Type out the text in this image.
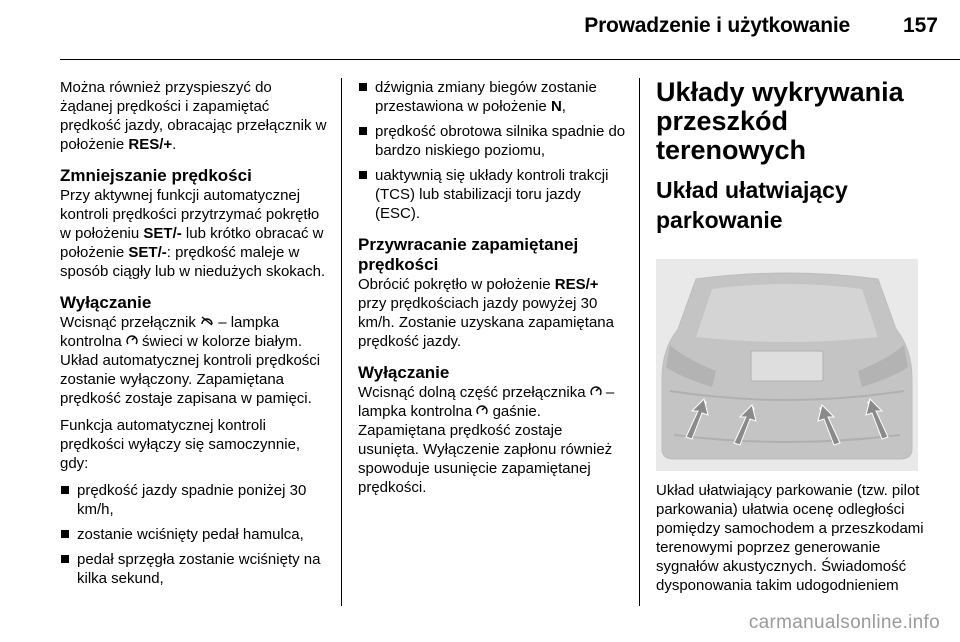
Prowadzenie i użytkowanie	157

Można również przyspieszyć do żądanej prędkości i zapamiętać prędkość jazdy, obracając przełącznik w położenie RES/+.

Zmniejszanie prędkości

Przy aktywnej funkcji automatycznej kontroli prędkości przytrzymać pokrętło w położeniu SET/- lub krótko obracać w położenie SET/-: prędkość maleje w sposób ciągły lub w niedużych skokach.

Wyłączanie

Wcisnąć przełącznik  – lampka kontrolna  świeci w kolorze białym. Układ automatycznej kontroli prędkości zostanie wyłączony. Zapamiętana prędkość zostaje zapisana w pamięci.

Funkcja automatycznej kontroli prędkości wyłączy się samoczynnie, gdy:

prędkość jazdy spadnie poniżej 30 km/h,
zostanie wciśnięty pedał hamulca,
pedał sprzęgła zostanie wciśnięty na kilka sekund,
dźwignia zmiany biegów zostanie przestawiona w położenie N,
prędkość obrotowa silnika spadnie do bardzo niskiego poziomu,
uaktywnią się układy kontroli trakcji (TCS) lub stabilizacji toru jazdy (ESC).
Przywracanie zapamiętanej prędkości

Obrócić pokrętło w położenie RES/+ przy prędkościach jazdy powyżej 30 km/h. Zostanie uzyskana zapamiętana prędkość jazdy.

Wyłączanie

Wcisnąć dolną część przełącznika  – lampka kontrolna  gaśnie. Zapamiętana prędkość zostaje usunięta. Wyłączenie zapłonu również spowoduje usunięcie zapamiętanej prędkości.

Układy wykrywania przeszkód terenowych
Układ ułatwiający parkowanie

Układ ułatwiający parkowanie (tzw. pilot parkowania) ułatwia ocenę odległości pomiędzy samochodem a przeszkodami terenowymi poprzez generowanie sygnałów akustycznych. Świadomość dysponowania takim udogodnieniem

carmanualsonline.info
